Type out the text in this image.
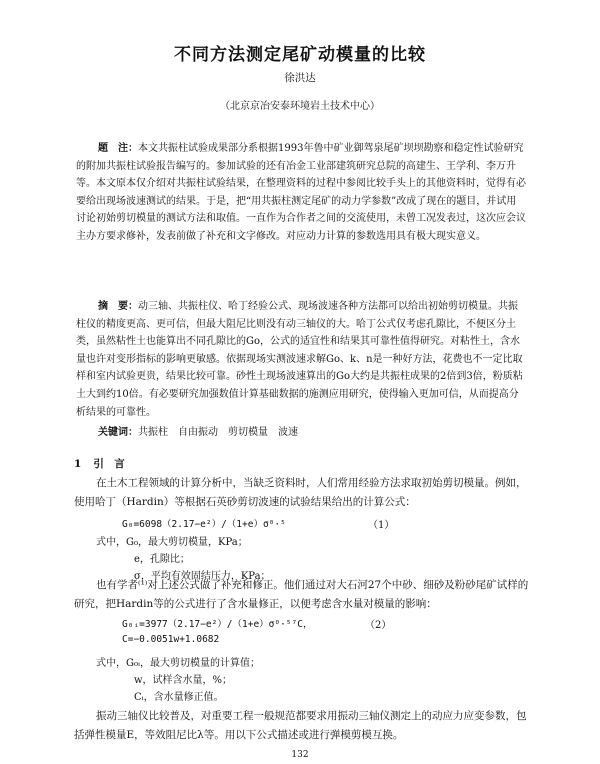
不同方法测定尾矿动模量的比较
徐洪达
（北京京冶安泰环境岩土技术中心）

题　注：本文共振柱试验成果部分系根据1993年鲁中矿业御驾泉尾矿坝坝勘察和稳定性试验研究的附加共振柱试验报告编写的。参加试验的还有冶金工业部建筑研究总院的高建生、王学利、李万升等。本文原本仅介绍对共振柱试验结果，在整理资料的过程中参阅比较手头上的其他资料时，觉得有必要给出现场波速测试的结果。于是，把“用共振柱测定尾矿的动力学参数”改成了现在的题目，并试用讨论初始剪切模量的测试方法和取值。一直作为合作者之间的交流使用，未曾工况发表过，这次应会议主办方要求修补，发表前做了补充和文字修改。对应动力计算的参数选用具有极大现实意义。

摘　要：动三轴、共振柱仪、哈丁经验公式、现场波速各种方法都可以给出初始剪切模量。共振柱仪的精度更高、更可信，但最大阻尼比则没有动三轴仪的大。哈丁公式仅考虑孔隙比，不便区分土类，虽然粘性土也能算出不同孔隙比的Go，公式的适宜性和结果其可靠性值得研究。对粘性土，含水量也许对变形指标的影响更敏感。依据现场实测波速求解Go、k、n是一种好方法，花费也不一定比取样和室内试验更贵，结果比较可靠。砂性土现场波速算出的Go大约是共振柱成果的2倍到3倍，粉质粘土大到约10倍。有必要研究加强数值计算基础数据的施测应用研究，使得输入更加可信，从而提高分析结果的可靠性。

关键词：共振柱　自由振动　剪切模量　波速
1 引　言

在土木工程领域的计算分析中，当缺乏资料时，人们常用经验方法求取初始剪切模量。例如，使用哈丁（Hardin）等根据石英砂剪切波速的试验结果给出的计算公式：

G₀=6098（2.17−e²）/（1+e）σ⁰·⁵	（1）
式中，G₀，最大剪切模量，KPa；
e，孔隙比；
σ，平均有效固结压力，KPa；

也有学者⁽¹⁾对上述公式做了补充和修正。他们通过对大石河27个中砂、细砂及粉砂尾矿试样的研究，把Hardin等的公式进行了含水量修正，以便考虑含水量对模量的影响：

G₀ᵢ=3977（2.17−e²）/（1+e）σ⁰·⁵⁷C，	（2）
C=−0.0051w+1.0682
式中，G₀ᵢ，最大剪切模量的计算值；
w，试样含水量，%；
Cᵢ，含水量修正值。

振动三轴仪比较普及，对重要工程一般规范都要求用振动三轴仪测定上的动应力应变参数，包括弹性模量E，等效阻尼比λ等。用以下公式描述或进行弹模剪模互换。

132
